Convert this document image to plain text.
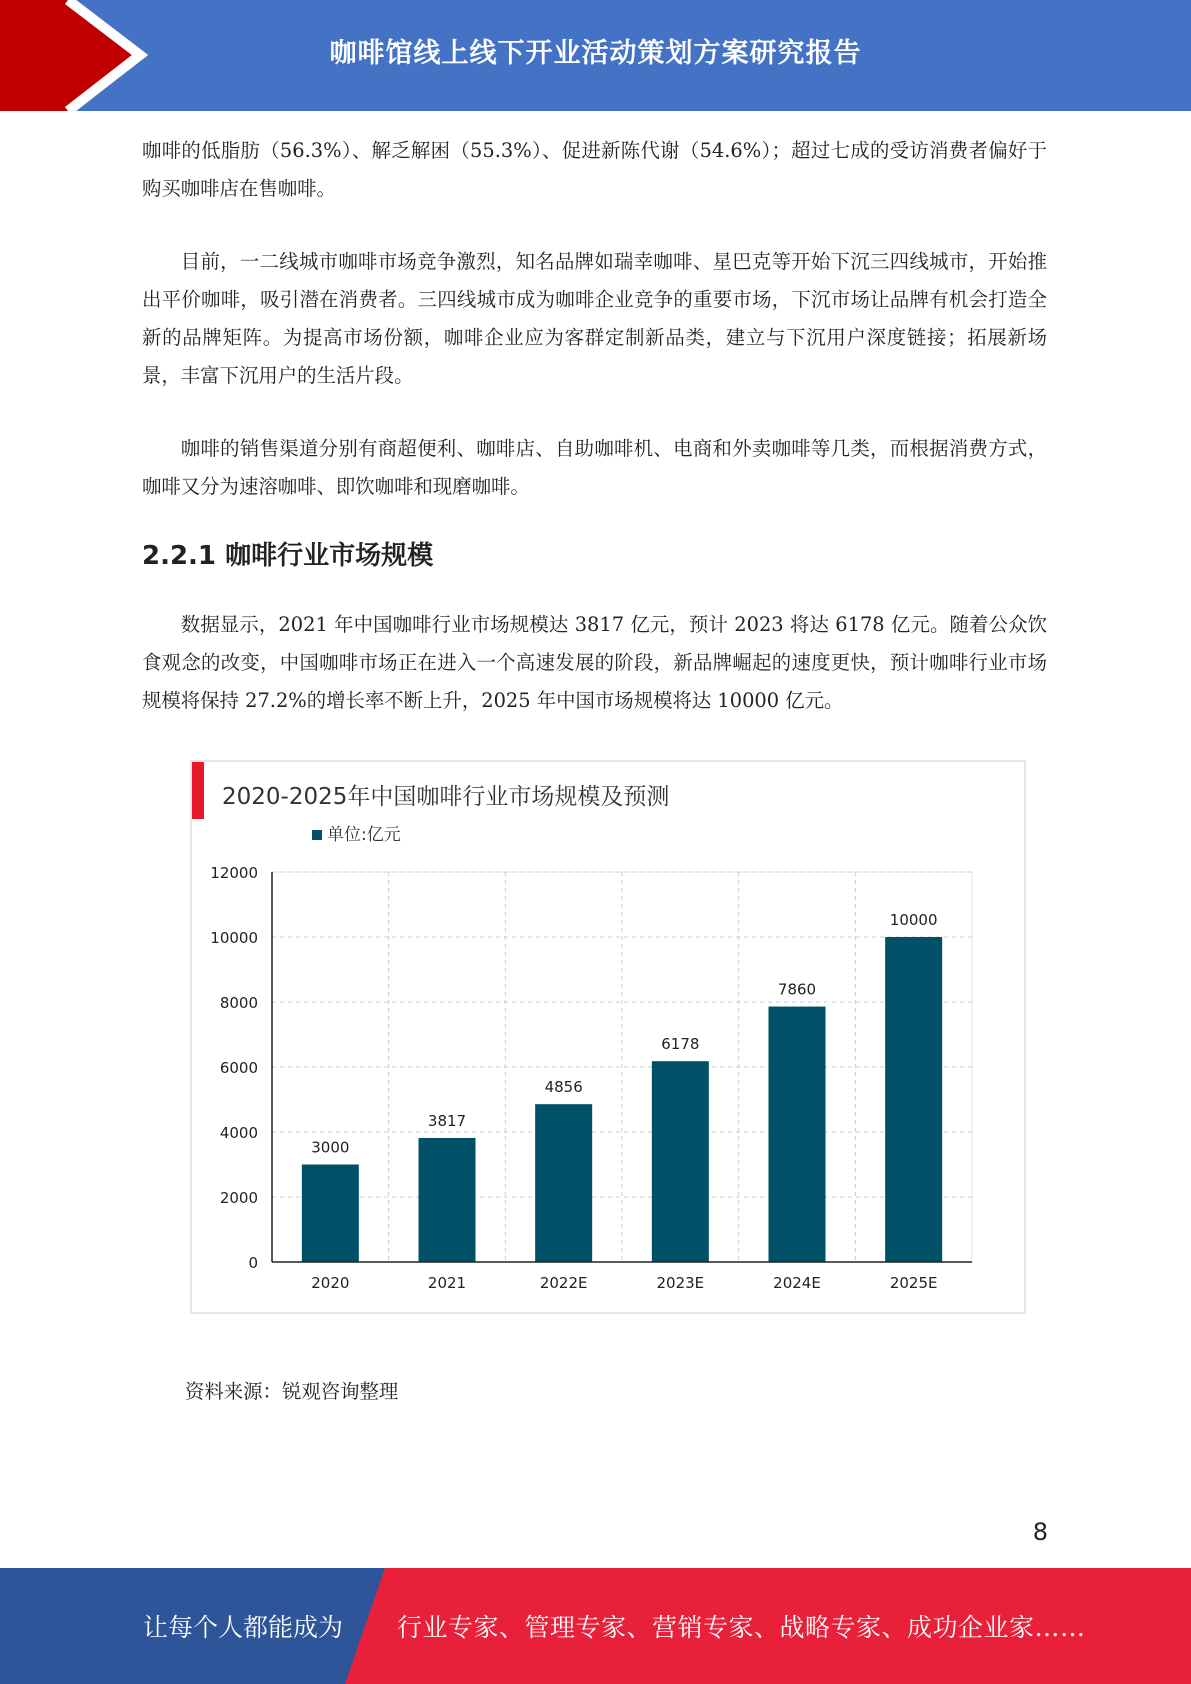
咖啡馆线上线下开业活动策划方案研究报告

咖啡的低脂肪（56.3%）、解乏解困（55.3%）、促进新陈代谢（54.6%）；超过七成的受访消费者偏好于购买咖啡店在售咖啡。

目前，一二线城市咖啡市场竞争激烈，知名品牌如瑞幸咖啡、星巴克等开始下沉三四线城市，开始推出平价咖啡，吸引潜在消费者。三四线城市成为咖啡企业竞争的重要市场，下沉市场让品牌有机会打造全新的品牌矩阵。为提高市场份额，咖啡企业应为客群定制新品类，建立与下沉用户深度链接；拓展新场景，丰富下沉用户的生活片段。

咖啡的销售渠道分别有商超便利、咖啡店、自助咖啡机、电商和外卖咖啡等几类，而根据消费方式，咖啡又分为速溶咖啡、即饮咖啡和现磨咖啡。

2.2.1 咖啡行业市场规模

数据显示，2021 年中国咖啡行业市场规模达 3817 亿元，预计 2023 将达 6178 亿元。随着公众饮食观念的改变，中国咖啡市场正在进入一个高速发展的阶段，新品牌崛起的速度更快，预计咖啡行业市场规模将保持 27.2%的增长率不断上升，2025 年中国市场规模将达 10000 亿元。

2020-2025年中国咖啡行业市场规模及预测
单位:亿元
3000
3817
4856
6178
7860
10000
0
2000
4000
6000
8000
10000
12000
2020	2021	2022E	2023E	2024E	2025E
资料来源：锐观咨询整理
8
让每个人都能成为 行业专家、管理专家、营销专家、战略专家、成功企业家……
